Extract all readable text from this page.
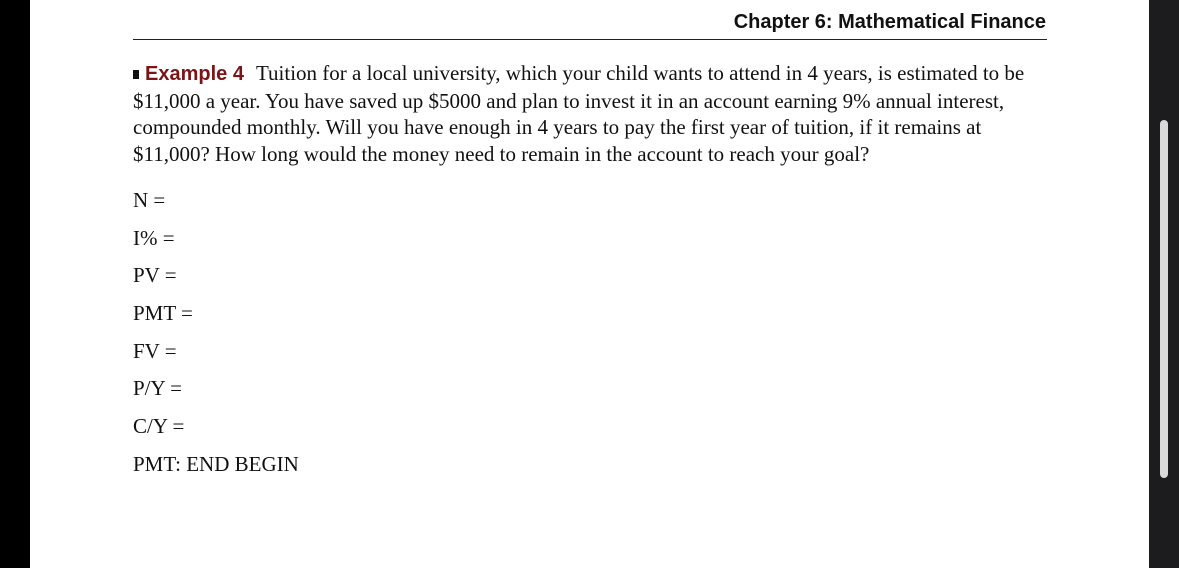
Chapter 6: Mathematical Finance
Example 4 Tuition for a local university, which your child wants to attend in 4 years, is estimated to be $11,000 a year. You have saved up $5000 and plan to invest it in an account earning 9% annual interest, compounded monthly. Will you have enough in 4 years to pay the first year of tuition, if it remains at $11,000? How long would the money need to remain in the account to reach your goal?
N =
I% =
PV =
PMT =
FV =
P/Y =
C/Y =
PMT: END BEGIN
